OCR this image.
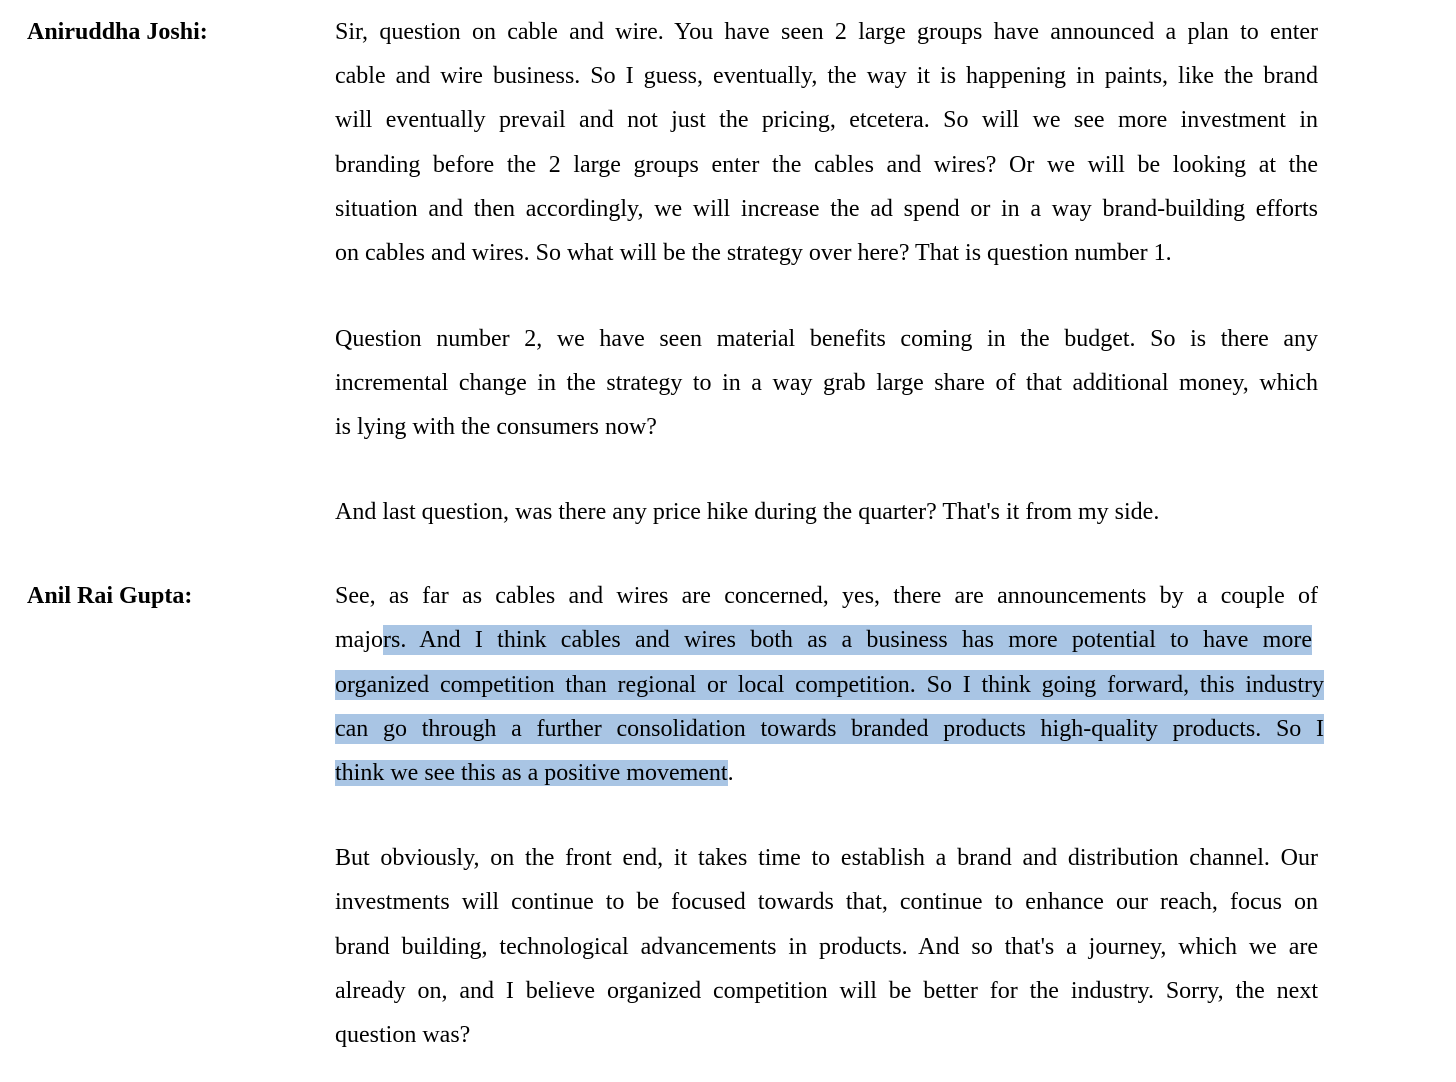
Aniruddha Joshi:	Sir, question on cable and wire. You have seen 2 large groups have announced a plan to enter
cable and wire business. So I guess, eventually, the way it is happening in paints, like the brand
will eventually prevail and not just the pricing, etcetera. So will we see more investment in
branding before the 2 large groups enter the cables and wires? Or we will be looking at the
situation and then accordingly, we will increase the ad spend or in a way brand-building efforts
on cables and wires. So what will be the strategy over here? That is question number 1.
Question number 2, we have seen material benefits coming in the budget. So is there any
incremental change in the strategy to in a way grab large share of that additional money, which
is lying with the consumers now?
And last question, was there any price hike during the quarter? That's it from my side.
Anil Rai Gupta:	See, as far as cables and wires are concerned, yes, there are announcements by a couple of
majors. And I think cables and wires both as a business has more potential to have more
organized competition than regional or local competition. So I think going forward, this industry
can go through a further consolidation towards branded products high-quality products. So I
think we see this as a positive movement.
But obviously, on the front end, it takes time to establish a brand and distribution channel. Our
investments will continue to be focused towards that, continue to enhance our reach, focus on
brand building, technological advancements in products. And so that's a journey, which we are
already on, and I believe organized competition will be better for the industry. Sorry, the next
question was?
